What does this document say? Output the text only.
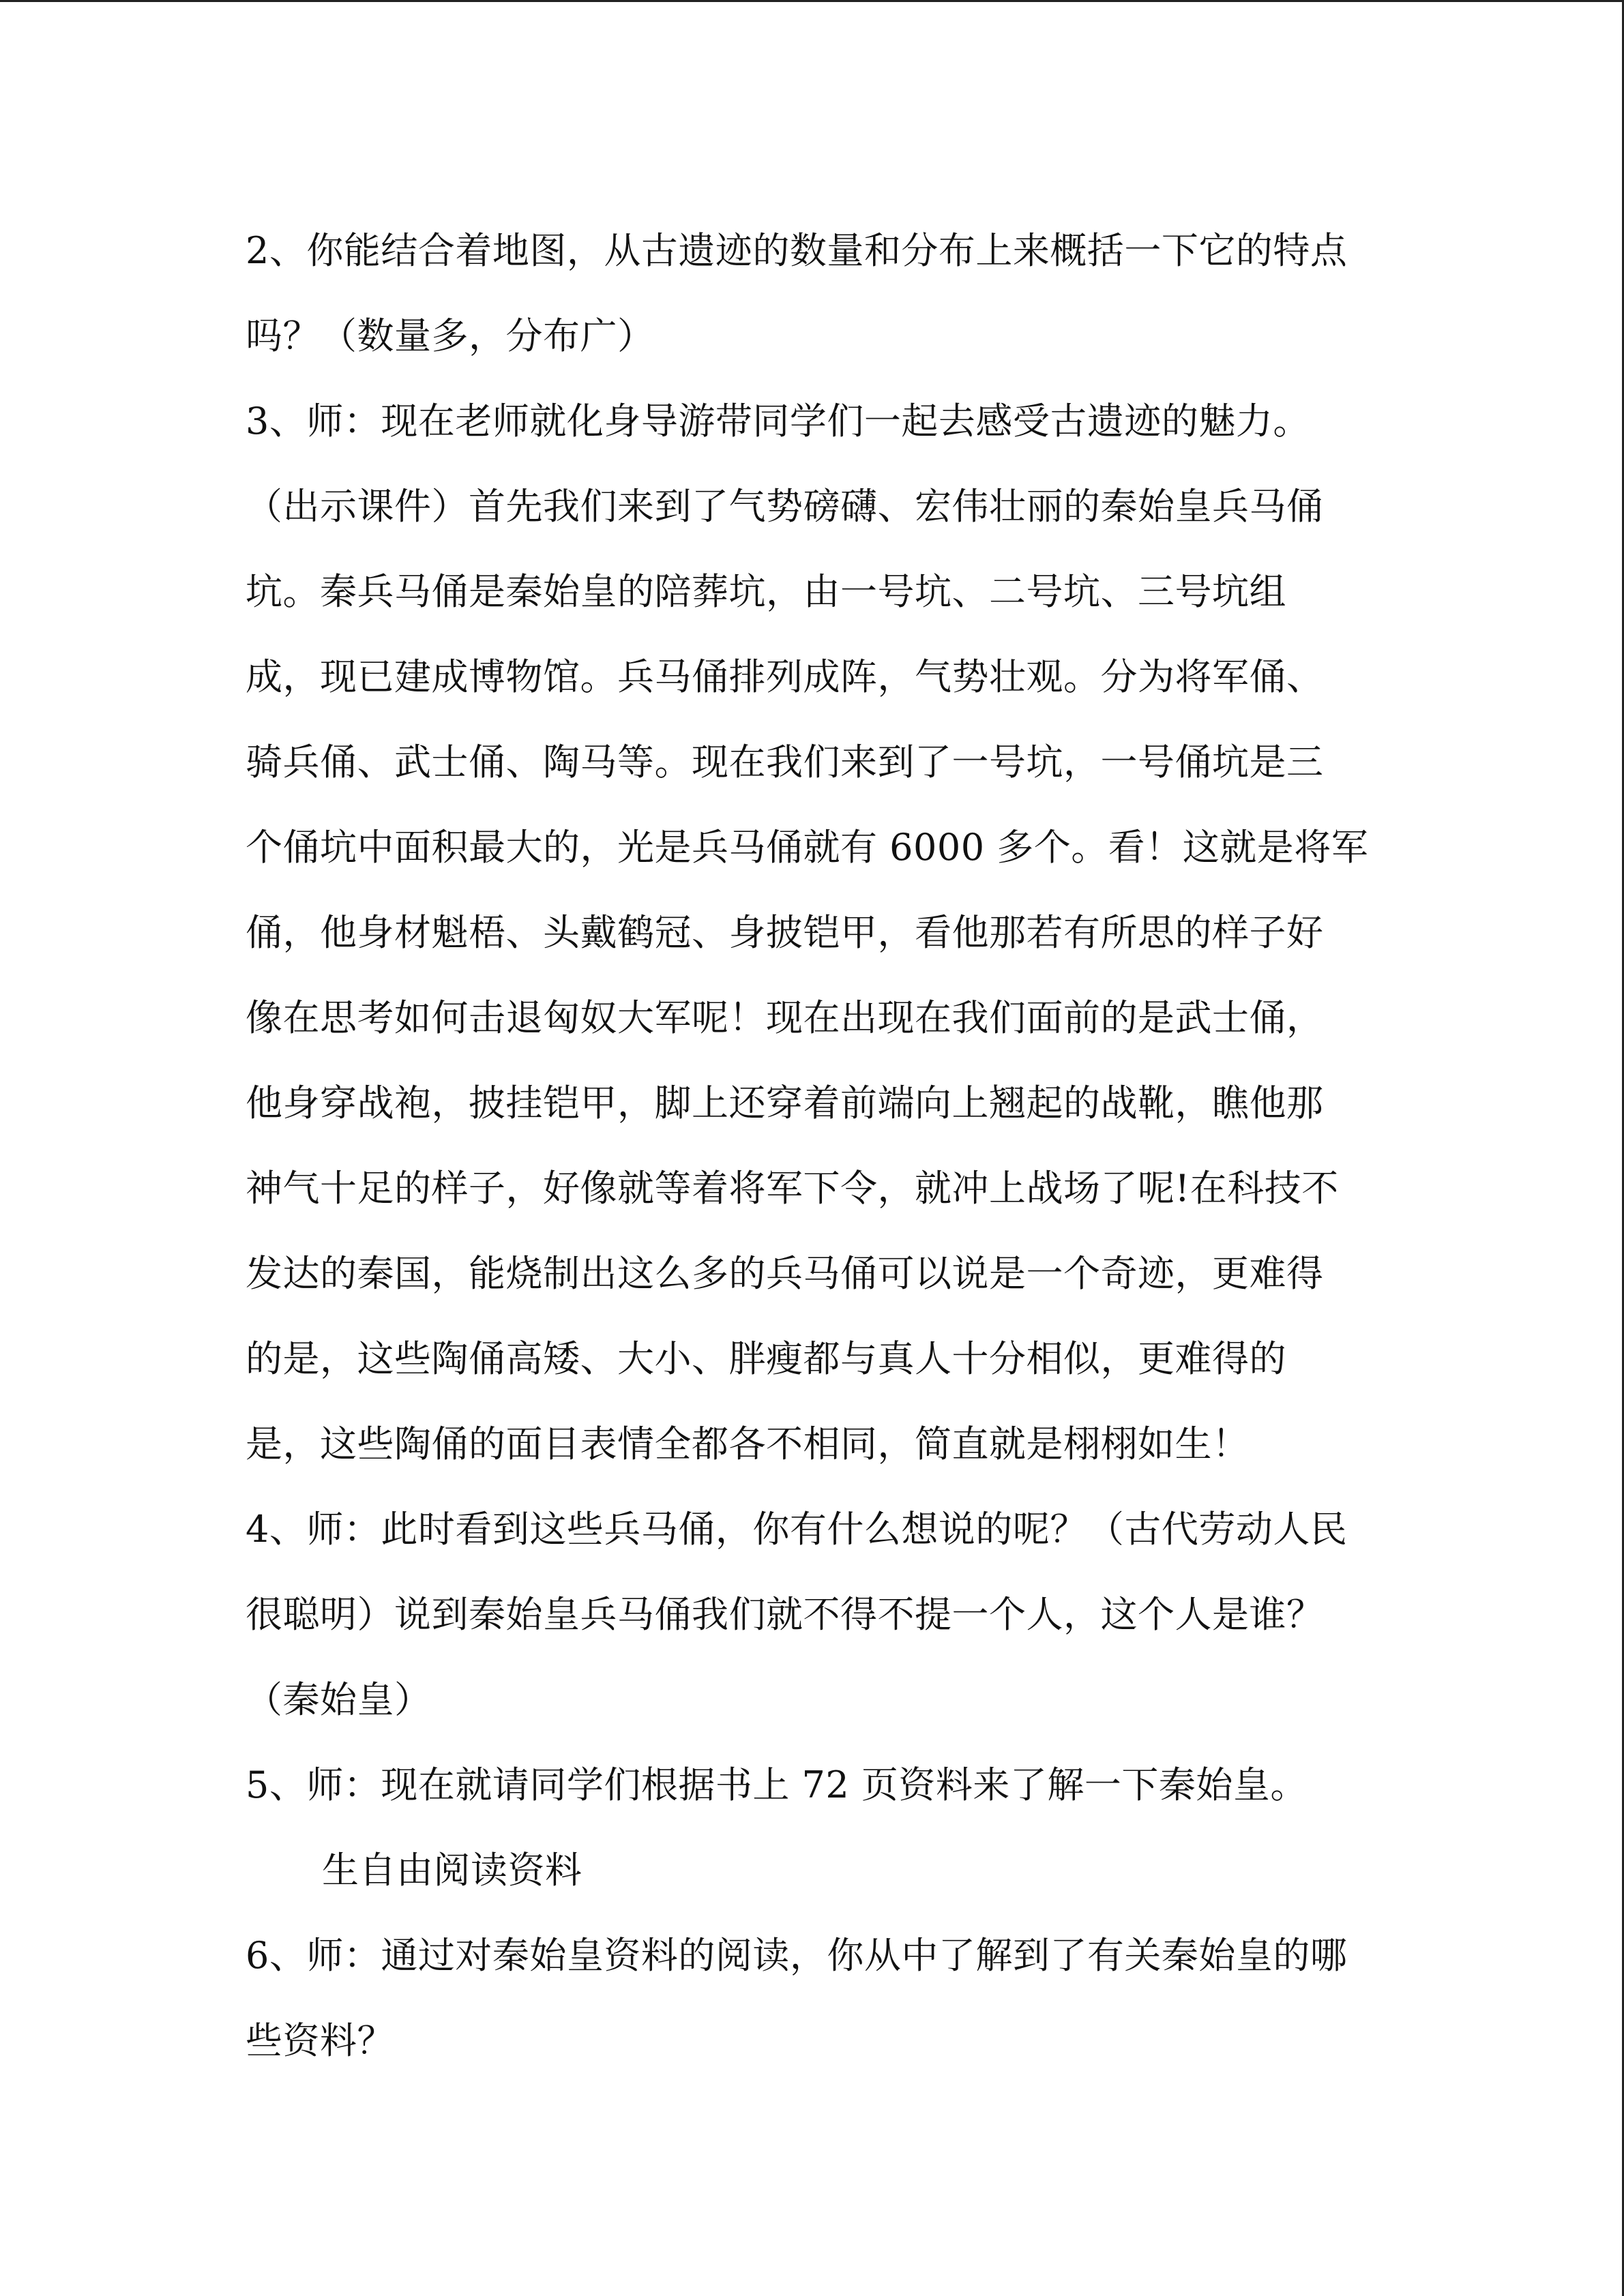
2、你能结合着地图，从古遗迹的数量和分布上来概括一下它的特点
吗？（数量多，分布广）
3、师：现在老师就化身导游带同学们一起去感受古遗迹的魅力。
（出示课件）首先我们来到了气势磅礴、宏伟壮丽的秦始皇兵马俑
坑。秦兵马俑是秦始皇的陪葬坑，由一号坑、二号坑、三号坑组
成，现已建成博物馆。兵马俑排列成阵，气势壮观。分为将军俑、
骑兵俑、武士俑、陶马等。现在我们来到了一号坑，一号俑坑是三
个俑坑中面积最大的，光是兵马俑就有 6000 多个。看！这就是将军
俑，他身材魁梧、头戴鹤冠、身披铠甲，看他那若有所思的样子好
像在思考如何击退匈奴大军呢！现在出现在我们面前的是武士俑，
他身穿战袍，披挂铠甲，脚上还穿着前端向上翘起的战靴，瞧他那
神气十足的样子，好像就等着将军下令，就冲上战场了呢!在科技不
发达的秦国，能烧制出这么多的兵马俑可以说是一个奇迹，更难得
的是，这些陶俑高矮、大小、胖瘦都与真人十分相似，更难得的
是，这些陶俑的面目表情全都各不相同，简直就是栩栩如生！
4、师：此时看到这些兵马俑，你有什么想说的呢？（古代劳动人民
很聪明）说到秦始皇兵马俑我们就不得不提一个人，这个人是谁？
（秦始皇）
5、师：现在就请同学们根据书上 72 页资料来了解一下秦始皇。
生自由阅读资料
6、师：通过对秦始皇资料的阅读，你从中了解到了有关秦始皇的哪
些资料？
